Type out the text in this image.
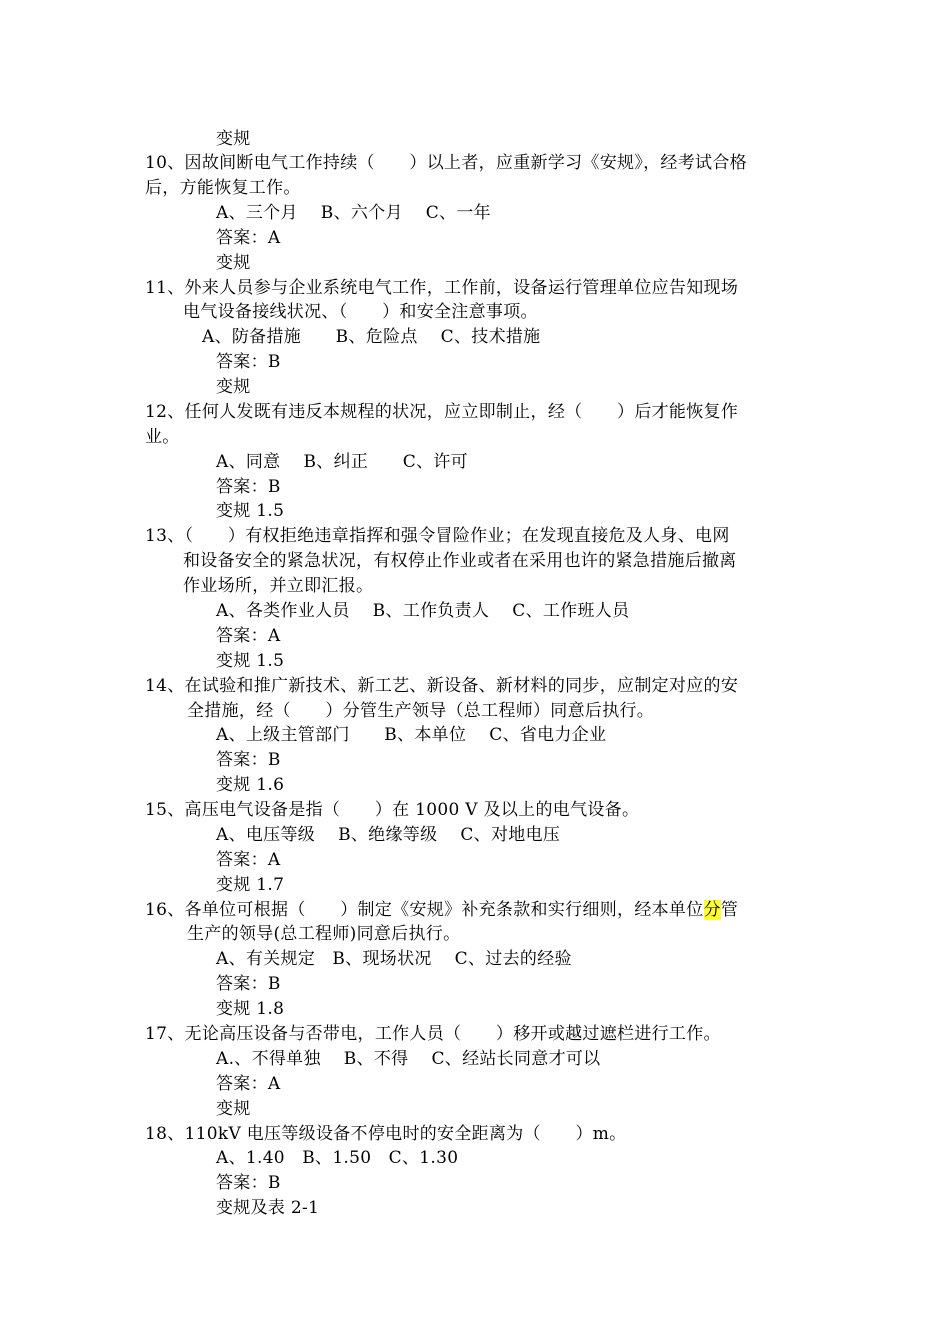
变规
10、因故间断电气工作持续（　　）以上者，应重新学习《安规》，经考试合格
后，方能恢复工作。
A、三个月　 B、六个月　 C、一年
答案：A
变规
11、外来人员参与企业系统电气工作，工作前，设备运行管理单位应告知现场
电气设备接线状况、（　　）和安全注意事项。
A、防备措施　　B、危险点　 C、技术措施
答案：B
变规
12、任何人发既有违反本规程的状况，应立即制止，经（　　）后才能恢复作
业。
A、同意　 B、纠正　　C、许可
答案：B
变规 1.5
13、（　　）有权拒绝违章指挥和强令冒险作业；在发现直接危及人身、电网
和设备安全的紧急状况，有权停止作业或者在采用也许的紧急措施后撤离
作业场所，并立即汇报。
A、各类作业人员　 B、工作负责人　 C、工作班人员
答案：A
变规 1.5
14、在试验和推广新技术、新工艺、新设备、新材料的同步，应制定对应的安
全措施，经（　　）分管生产领导（总工程师）同意后执行。
A、上级主管部门　　B、本单位　 C、省电力企业
答案：B
变规 1.6
15、高压电气设备是指（　　）在 1000 V 及以上的电气设备。
A、电压等级　 B、绝缘等级　 C、对地电压
答案：A
变规 1.7
16、各单位可根据（　　）制定《安规》补充条款和实行细则，经本单位分管
生产的领导(总工程师)同意后执行。
A、有关规定　B、现场状况　 C、过去的经验
答案：B
变规 1.8
17、无论高压设备与否带电，工作人员（　　）移开或越过遮栏进行工作。
A.、不得单独　 B、不得　 C、经站长同意才可以
答案：A
变规
18、110kV 电压等级设备不停电时的安全距离为（　　）m。
A、1.40　B、1.50　C、1.30
答案：B
变规及表 2-1
